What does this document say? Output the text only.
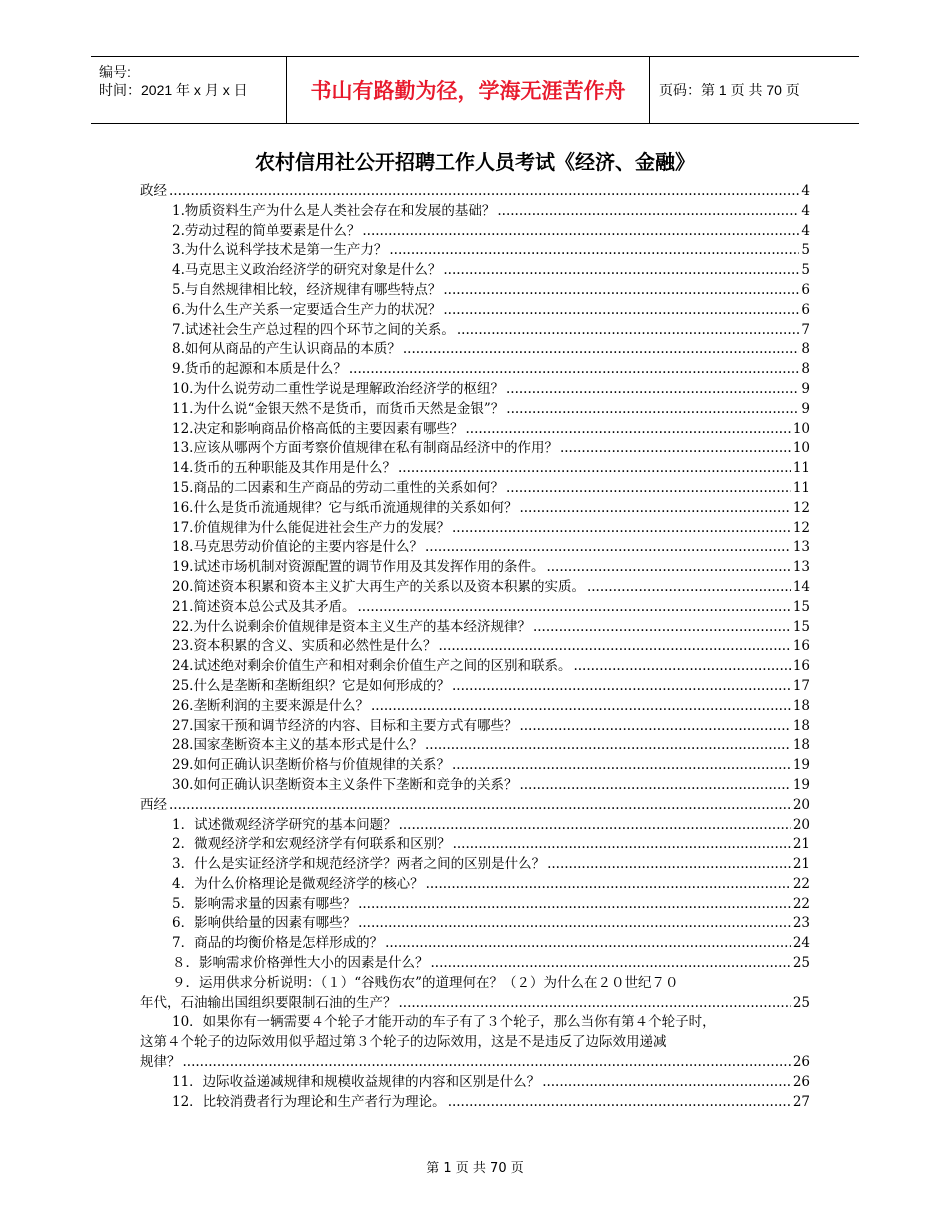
编号:
时间：2021 年 x 月 x 日	书山有路勤为径，学海无涯苦作舟	页码：第 1 页 共 70 页
农村信用社公开招聘工作人员考试《经济、金融》
政经 .....	4
1.物质资料生产为什么是人类社会存在和发展的基础？ .....	4
2.劳动过程的简单要素是什么？ .....	4
3.为什么说科学技术是第一生产力？ .....	5
4.马克思主义政治经济学的研究对象是什么？ .....	5
5.与自然规律相比较，经济规律有哪些特点？ .....	6
6.为什么生产关系一定要适合生产力的状况？ .....	6
7.试述社会生产总过程的四个环节之间的关系。 .....	7
8.如何从商品的产生认识商品的本质？ .....	8
9.货币的起源和本质是什么？ .....	8
10.为什么说劳动二重性学说是理解政治经济学的枢纽？ .....	9
11.为什么说“金银天然不是货币，而货币天然是金银”？ .....	9
12.决定和影响商品价格高低的主要因素有哪些？ .....	10
13.应该从哪两个方面考察价值规律在私有制商品经济中的作用？ .....	10
14.货币的五种职能及其作用是什么？ .....	11
15.商品的二因素和生产商品的劳动二重性的关系如何？ .....	11
16.什么是货币流通规律？它与纸币流通规律的关系如何？ .....	12
17.价值规律为什么能促进社会生产力的发展？ .....	12
18.马克思劳动价值论的主要内容是什么？ .....	13
19.试述市场机制对资源配置的调节作用及其发挥作用的条件。 .....	13
20.简述资本积累和资本主义扩大再生产的关系以及资本积累的实质。 .....	14
21.简述资本总公式及其矛盾。 .....	15
22.为什么说剩余价值规律是资本主义生产的基本经济规律？ .....	15
23.资本积累的含义、实质和必然性是什么？ .....	16
24.试述绝对剩余价值生产和相对剩余价值生产之间的区别和联系。 .....	16
25.什么是垄断和垄断组织？它是如何形成的？ .....	17
26.垄断利润的主要来源是什么？ .....	18
27.国家干预和调节经济的内容、目标和主要方式有哪些？ .....	18
28.国家垄断资本主义的基本形式是什么？ .....	18
29.如何正确认识垄断价格与价值规律的关系？ .....	19
30.如何正确认识垄断资本主义条件下垄断和竞争的关系？ .....	19
西经 .....	20
1．试述微观经济学研究的基本问题？ .....	20
2．微观经济学和宏观经济学有何联系和区别？ .....	21
3．什么是实证经济学和规范经济学？两者之间的区别是什么？ .....	21
4．为什么价格理论是微观经济学的核心？ .....	22
5．影响需求量的因素有哪些？ .....	22
6．影响供给量的因素有哪些？ .....	23
7．商品的均衡价格是怎样形成的？ .....	24
８．影响需求价格弹性大小的因素是什么？ .....	25
９．运用供求分析说明：（１）“谷贱伤农”的道理何在？（２）为什么在２０世纪７０
年代，石油输出国组织要限制石油的生产？ .....	25
10．如果你有一辆需要４个轮子才能开动的车子有了３个轮子，那么当你有第４个轮子时，
这第４个轮子的边际效用似乎超过第３个轮子的边际效用，这是不是违反了边际效用递减
规律？ .....	26
11．边际收益递减规律和规模收益规律的内容和区别是什么？ .....	26
12．比较消费者行为理论和生产者行为理论。 .....	27
第 1 页 共 70 页
